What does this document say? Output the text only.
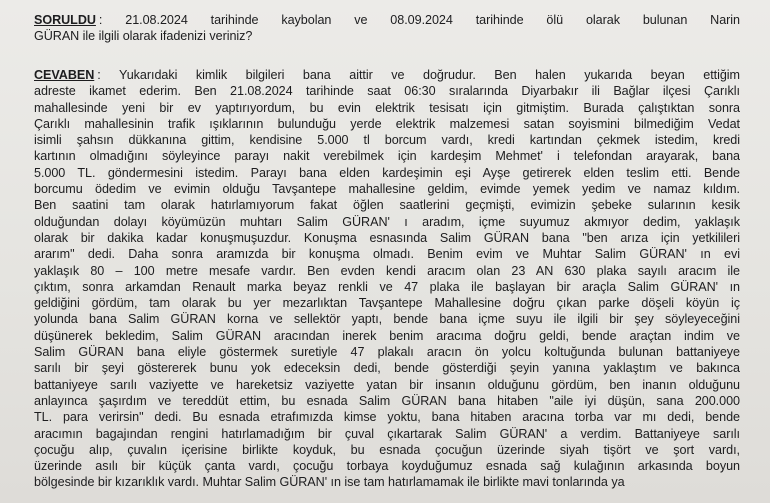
SORULDU : 21.08.2024 tarihinde kaybolan ve 08.09.2024 tarihinde ölü olarak bulunan Narin
GÜRAN ile ilgili olarak ifadenizi veriniz?
CEVABEN : Yukarıdaki kimlik bilgileri bana aittir ve doğrudur. Ben halen yukarıda beyan ettiğim
adreste ikamet ederim. Ben 21.08.2024 tarihinde saat 06:30 sıralarında Diyarbakır ili Bağlar ilçesi Çarıklı
mahallesinde yeni bir ev yaptırıyordum, bu evin elektrik tesisatı için gitmiştim. Burada çalıştıktan sonra
Çarıklı mahallesinin trafik ışıklarının bulunduğu yerde elektrik malzemesi satan soyismini bilmediğim Vedat
isimli şahsın dükkanına gittim, kendisine 5.000 tl borcum vardı, kredi kartından çekmek istedim, kredi
kartının olmadığını söyleyince parayı nakit verebilmek için kardeşim Mehmet' i telefondan arayarak, bana
5.000 TL. göndermesini istedim. Parayı bana elden kardeşimin eşi Ayşe getirerek elden teslim etti. Bende
borcumu ödedim ve evimin olduğu Tavşantepe mahallesine geldim, evimde yemek yedim ve namaz kıldım.
Ben saatini tam olarak hatırlamıyorum fakat öğlen saatlerini geçmişti, evimizin şebeke sularının kesik
olduğundan dolayı köyümüzün muhtarı Salim GÜRAN' ı aradım, içme suyumuz akmıyor dedim, yaklaşık
olarak bir dakika kadar konuşmuşuzdur. Konuşma esnasında Salim GÜRAN bana "ben arıza için yetkilileri
ararım" dedi. Daha sonra aramızda bir konuşma olmadı. Benim evim ve Muhtar Salim GÜRAN' ın evi
yaklaşık 80 – 100 metre mesafe vardır. Ben evden kendi aracım olan 23 AN 630 plaka sayılı aracım ile
çıktım, sonra arkamdan Renault marka beyaz renkli ve 47 plaka ile başlayan bir araçla Salim GÜRAN' ın
geldiğini gördüm, tam olarak bu yer mezarlıktan Tavşantepe Mahallesine doğru çıkan parke döşeli köyün iç
yolunda bana Salim GÜRAN korna ve sellektör yaptı, bende bana içme suyu ile ilgili bir şey söyleyeceğini
düşünerek bekledim, Salim GÜRAN aracından inerek benim aracıma doğru geldi, bende araçtan indim ve
Salim GÜRAN bana eliyle göstermek suretiyle 47 plakalı aracın ön yolcu koltuğunda bulunan battaniyeye
sarılı bir şeyi göstererek bunu yok edeceksin dedi, bende gösterdiği şeyin yanına yaklaştım ve bakınca
battaniyeye sarılı vaziyette ve hareketsiz vaziyette yatan bir insanın olduğunu gördüm, ben inanın olduğunu
anlayınca şaşırdım ve tereddüt ettim, bu esnada Salim GÜRAN bana hitaben "aile iyi düşün, sana 200.000
TL. para verirsin" dedi. Bu esnada etrafımızda kimse yoktu, bana hitaben aracına torba var mı dedi, bende
aracımın bagajından rengini hatırlamadığım bir çuval çıkartarak Salim GÜRAN' a verdim. Battaniyeye sarılı
çocuğu alıp, çuvalın içerisine birlikte koyduk, bu esnada çocuğun üzerinde siyah tişört ve şort vardı,
üzerinde asılı bir küçük çanta vardı, çocuğu torbaya koyduğumuz esnada sağ kulağının arkasında boyun
bölgesinde bir kızarıklık vardı. Muhtar Salim GÜRAN' ın ise tam hatırlamamak ile birlikte mavi tonlarında ya
